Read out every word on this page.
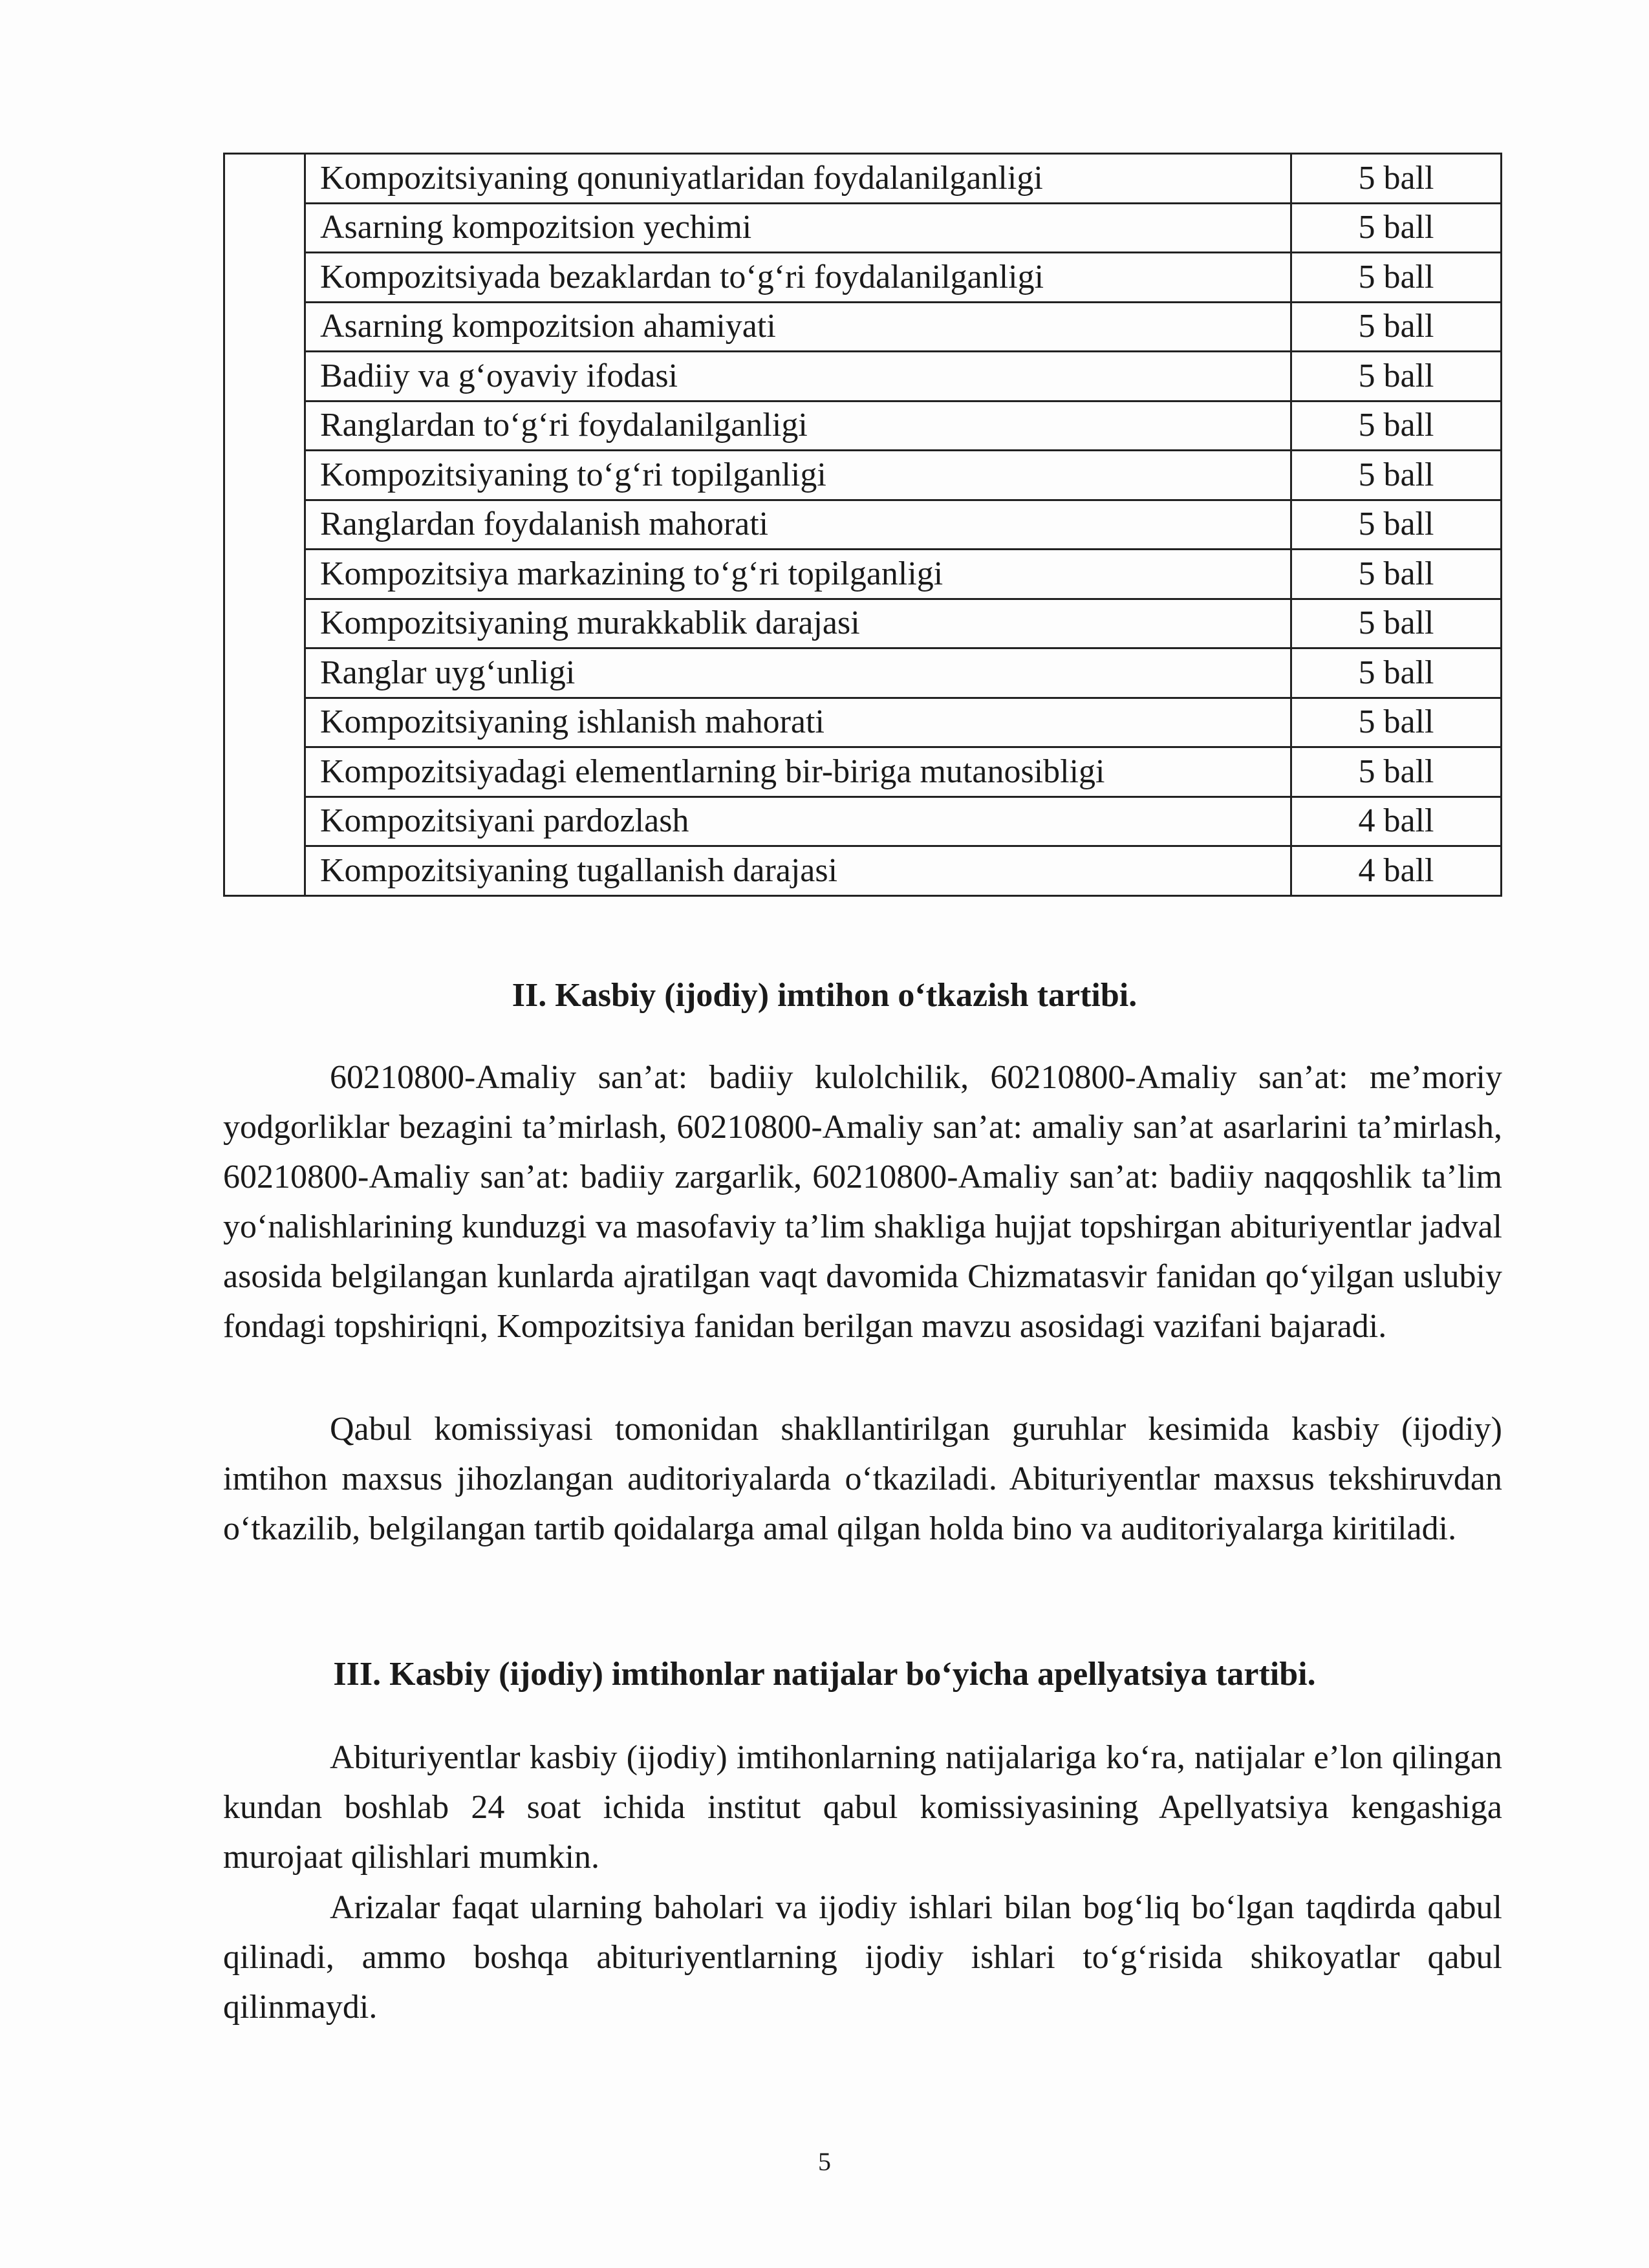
	Kompozitsiyaning qonuniyatlaridan foydalanilganligi	5 ball
	Asarning kompozitsion yechimi	5 ball
	Kompozitsiyada bezaklardan to‘g‘ri foydalanilganligi	5 ball
	Asarning kompozitsion ahamiyati	5 ball
	Badiiy va g‘oyaviy ifodasi	5 ball
	Ranglardan to‘g‘ri foydalanilganligi	5 ball
	Kompozitsiyaning to‘g‘ri topilganligi	5 ball
	Ranglardan foydalanish mahorati	5 ball
	Kompozitsiya markazining to‘g‘ri topilganligi	5 ball
	Kompozitsiyaning murakkablik darajasi	5 ball
	Ranglar uyg‘unligi	5 ball
	Kompozitsiyaning ishlanish mahorati	5 ball
	Kompozitsiyadagi elementlarning bir-biriga mutanosibligi	5 ball
	Kompozitsiyani pardozlash	4 ball
	Kompozitsiyaning tugallanish darajasi	4 ball
II. Kasbiy (ijodiy) imtihon o‘tkazish tartibi.

60210800-Amaliy san’at: badiiy kulolchilik, 60210800-Amaliy san’at: me’moriy yodgorliklar bezagini ta’mirlash, 60210800-Amaliy san’at: amaliy san’at asarlarini ta’mirlash, 60210800-Amaliy san’at: badiiy zargarlik, 60210800-Amaliy san’at: badiiy naqqoshlik ta’lim yo‘nalishlarining kunduzgi va masofaviy ta’lim shakliga hujjat topshirgan abituriyentlar jadval asosida belgilangan kunlarda ajratilgan vaqt davomida Chizmatasvir fanidan qo‘yilgan uslubiy fondagi topshiriqni, Kompozitsiya fanidan berilgan mavzu asosidagi vazifani bajaradi.

Qabul komissiyasi tomonidan shakllantirilgan guruhlar kesimida kasbiy (ijodiy) imtihon maxsus jihozlangan auditoriyalarda o‘tkaziladi. Abituriyentlar maxsus tekshiruvdan o‘tkazilib, belgilangan tartib qoidalarga amal qilgan holda bino va auditoriyalarga kiritiladi.

III. Kasbiy (ijodiy) imtihonlar natijalar bo‘yicha apellyatsiya tartibi.

Abituriyentlar kasbiy (ijodiy) imtihonlarning natijalariga ko‘ra, natijalar e’lon qilingan kundan boshlab 24 soat ichida institut qabul komissiyasining Apellyatsiya kengashiga murojaat qilishlari mumkin.

Arizalar faqat ularning baholari va ijodiy ishlari bilan bog‘liq bo‘lgan taqdirda qabul qilinadi, ammo boshqa abituriyentlarning ijodiy ishlari to‘g‘risida shikoyatlar qabul qilinmaydi.

5
